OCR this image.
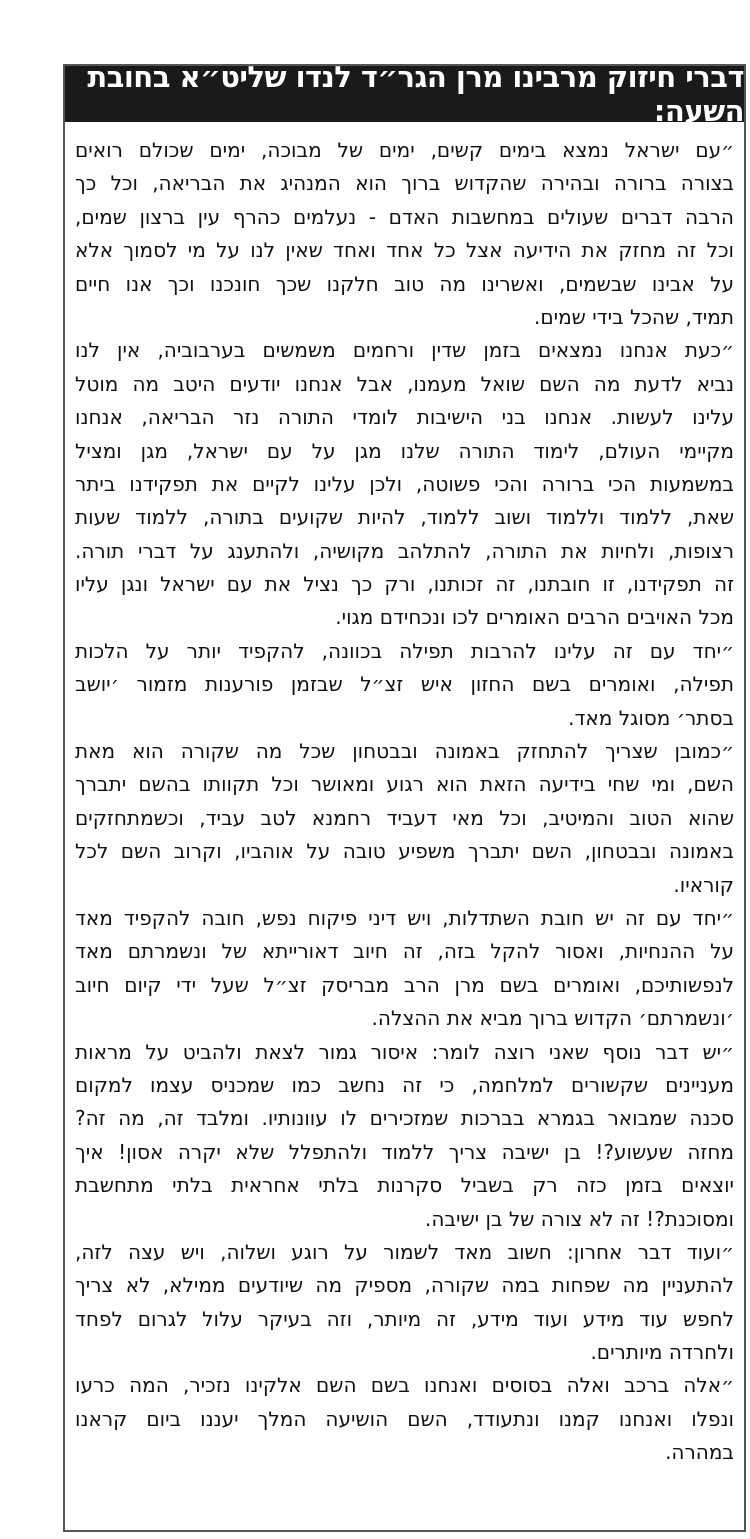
דברי חיזוק מרבינו מרן הגר״ד לנדו שליט״א בחובת השעה:
״עם ישראל נמצא בימים קשים, ימים של מבוכה, ימים שכולם רואים
בצורה ברורה ובהירה שהקדוש ברוך הוא המנהיג את הבריאה, וכל כך
הרבה דברים שעולים במחשבות האדם - נעלמים כהרף עין ברצון שמים,
וכל זה מחזק את הידיעה אצל כל אחד ואחד שאין לנו על מי לסמוך אלא
על אבינו שבשמים, ואשרינו מה טוב חלקנו שכך חונכנו וכך אנו חיים
תמיד, שהכל בידי שמים.
״כעת אנחנו נמצאים בזמן שדין ורחמים משמשים בערבוביה, אין לנו
נביא לדעת מה השם שואל מעמנו, אבל אנחנו יודעים היטב מה מוטל
עלינו לעשות. אנחנו בני הישיבות לומדי התורה נזר הבריאה, אנחנו
מקיימי העולם, לימוד התורה שלנו מגן על עם ישראל, מגן ומציל
במשמעות הכי ברורה והכי פשוטה, ולכן עלינו לקיים את תפקידנו ביתר
שאת, ללמוד וללמוד ושוב ללמוד, להיות שקועים בתורה, ללמוד שעות
רצופות, ולחיות את התורה, להתלהב מקושיה, ולהתענג על דברי תורה.
זה תפקידנו, זו חובתנו, זה זכותנו, ורק כך נציל את עם ישראל ונגן עליו
מכל האויבים הרבים האומרים לכו ונכחידם מגוי.
״יחד עם זה עלינו להרבות תפילה בכוונה, להקפיד יותר על הלכות
תפילה, ואומרים בשם החזון איש זצ״ל שבזמן פורענות מזמור ׳יושב
בסתר׳ מסוגל מאד.
״כמובן שצריך להתחזק באמונה ובבטחון שכל מה שקורה הוא מאת
השם, ומי שחי בידיעה הזאת הוא רגוע ומאושר וכל תקוותו בהשם יתברך
שהוא הטוב והמיטיב, וכל מאי דעביד רחמנא לטב עביד, וכשמתחזקים
באמונה ובבטחון, השם יתברך משפיע טובה על אוהביו, וקרוב השם לכל
קוראיו.
״יחד עם זה יש חובת השתדלות, ויש דיני פיקוח נפש, חובה להקפיד מאד
על ההנחיות, ואסור להקל בזה, זה חיוב דאורייתא של ונשמרתם מאד
לנפשותיכם, ואומרים בשם מרן הרב מבריסק זצ״ל שעל ידי קיום חיוב
׳ונשמרתם׳ הקדוש ברוך מביא את ההצלה.
״יש דבר נוסף שאני רוצה לומר: איסור גמור לצאת ולהביט על מראות
מעניינים שקשורים למלחמה, כי זה נחשב כמו שמכניס עצמו למקום
סכנה שמבואר בגמרא בברכות שמזכירים לו עוונותיו. ומלבד זה, מה זה?
מחזה שעשוע?! בן ישיבה צריך ללמוד ולהתפלל שלא יקרה אסון! איך
יוצאים בזמן כזה רק בשביל סקרנות בלתי אחראית בלתי מתחשבת
ומסוכנת?! זה לא צורה של בן ישיבה.
״ועוד דבר אחרון: חשוב מאד לשמור על רוגע ושלוה, ויש עצה לזה,
להתעניין מה שפחות במה שקורה, מספיק מה שיודעים ממילא, לא צריך
לחפש עוד מידע ועוד מידע, זה מיותר, וזה בעיקר עלול לגרום לפחד
ולחרדה מיותרים.
״אלה ברכב ואלה בסוסים ואנחנו בשם השם אלקינו נזכיר, המה כרעו
ונפלו ואנחנו קמנו ונתעודד, השם הושיעה המלך יעננו ביום קראנו
במהרה.
